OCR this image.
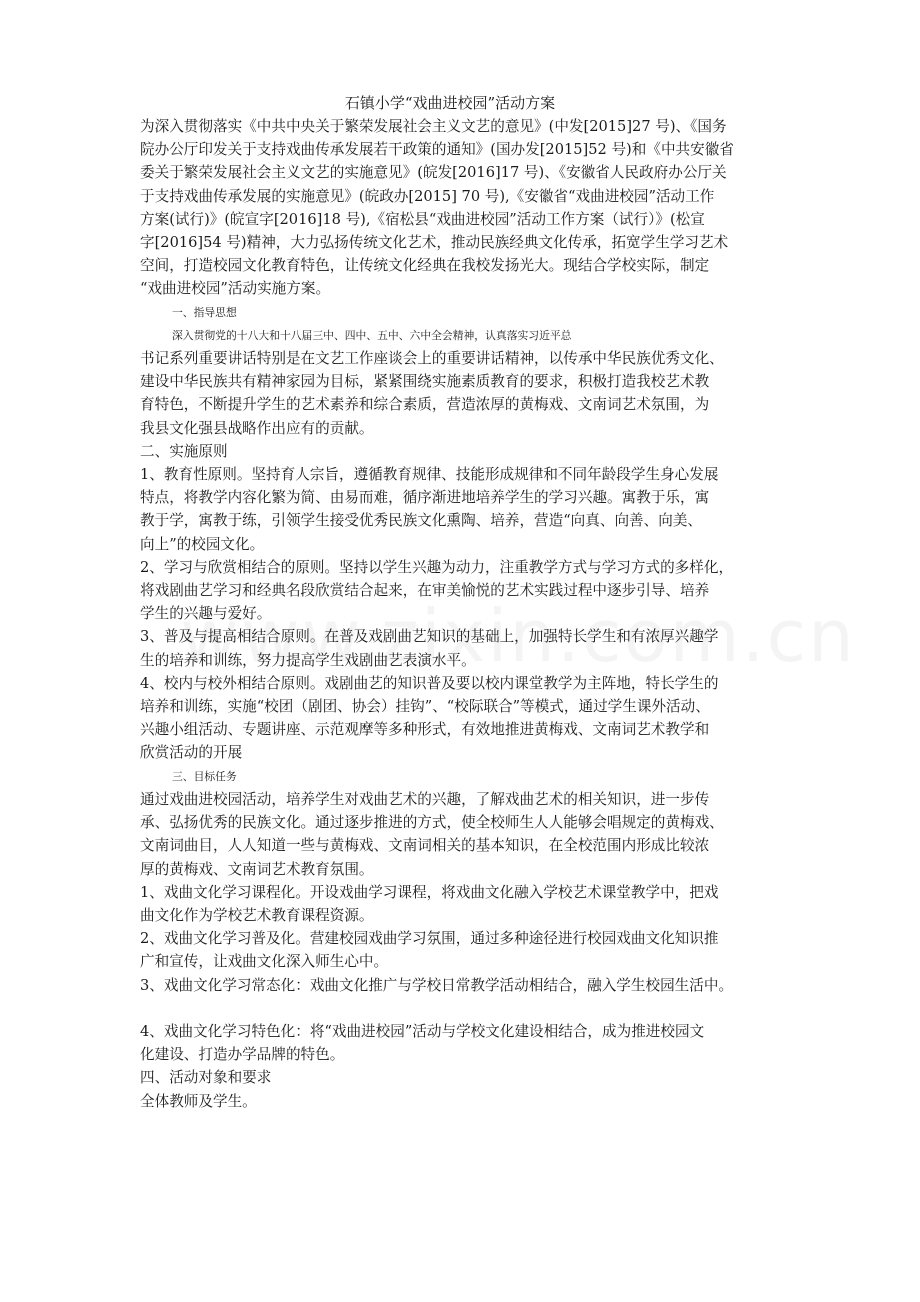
石镇小学“戏曲进校园”活动方案
为深入贯彻落实《中共中央关于繁荣发展社会主义文艺的意见》(中发[2015]27 号)、《国务
院办公厅印发关于支持戏曲传承发展若干政策的通知》(国办发[2015]52 号)和《中共安徽省
委关于繁荣发展社会主义文艺的实施意见》(皖发[2016]17 号)、《安徽省人民政府办公厅关
于支持戏曲传承发展的实施意见》(皖政办[2015] 70 号),《安徽省“戏曲进校园”活动工作
方案(试行)》(皖宣字[2016]18 号),《宿松县“戏曲进校园”活动工作方案（试行）》(松宣
字[2016]54 号)精神，大力弘扬传统文化艺术，推动民族经典文化传承，拓宽学生学习艺术
空间，打造校园文化教育特色，让传统文化经典在我校发扬光大。现结合学校实际，制定
“戏曲进校园”活动实施方案。
一、指导思想
深入贯彻党的十八大和十八届三中、四中、五中、六中全会精神，认真落实习近平总
书记系列重要讲话特别是在文艺工作座谈会上的重要讲话精神，以传承中华民族优秀文化、
建设中华民族共有精神家园为目标，紧紧围绕实施素质教育的要求，积极打造我校艺术教
育特色，不断提升学生的艺术素养和综合素质，营造浓厚的黄梅戏、文南词艺术氛围，为
我县文化强县战略作出应有的贡献。
二、实施原则
1、教育性原则。坚持育人宗旨，遵循教育规律、技能形成规律和不同年龄段学生身心发展
特点，将教学内容化繁为简、由易而难，循序渐进地培养学生的学习兴趣。寓教于乐，寓
教于学，寓教于练，引领学生接受优秀民族文化熏陶、培养，营造“向真、向善、向美、
向上”的校园文化。
2、学习与欣赏相结合的原则。坚持以学生兴趣为动力，注重教学方式与学习方式的多样化，
将戏剧曲艺学习和经典名段欣赏结合起来，在审美愉悦的艺术实践过程中逐步引导、培养
学生的兴趣与爱好。
3、普及与提高相结合原则。在普及戏剧曲艺知识的基础上，加强特长学生和有浓厚兴趣学
生的培养和训练，努力提高学生戏剧曲艺表演水平。
4、校内与校外相结合原则。戏剧曲艺的知识普及要以校内课堂教学为主阵地，特长学生的
培养和训练，实施“校团（剧团、协会）挂钩”、“校际联合”等模式，通过学生课外活动、
兴趣小组活动、专题讲座、示范观摩等多种形式，有效地推进黄梅戏、文南词艺术教学和
欣赏活动的开展
三、目标任务
通过戏曲进校园活动，培养学生对戏曲艺术的兴趣，了解戏曲艺术的相关知识，进一步传
承、弘扬优秀的民族文化。通过逐步推进的方式，使全校师生人人能够会唱规定的黄梅戏、
文南词曲目，人人知道一些与黄梅戏、文南词相关的基本知识，在全校范围内形成比较浓
厚的黄梅戏、文南词艺术教育氛围。
1、戏曲文化学习课程化。开设戏曲学习课程，将戏曲文化融入学校艺术课堂教学中，把戏
曲文化作为学校艺术教育课程资源。
2、戏曲文化学习普及化。营建校园戏曲学习氛围，通过多种途径进行校园戏曲文化知识推
广和宣传，让戏曲文化深入师生心中。
3、戏曲文化学习常态化：戏曲文化推广与学校日常教学活动相结合，融入学生校园生活中。
4、戏曲文化学习特色化：将“戏曲进校园”活动与学校文化建设相结合，成为推进校园文
化建设、打造办学品牌的特色。
四、活动对象和要求
全体教师及学生。
